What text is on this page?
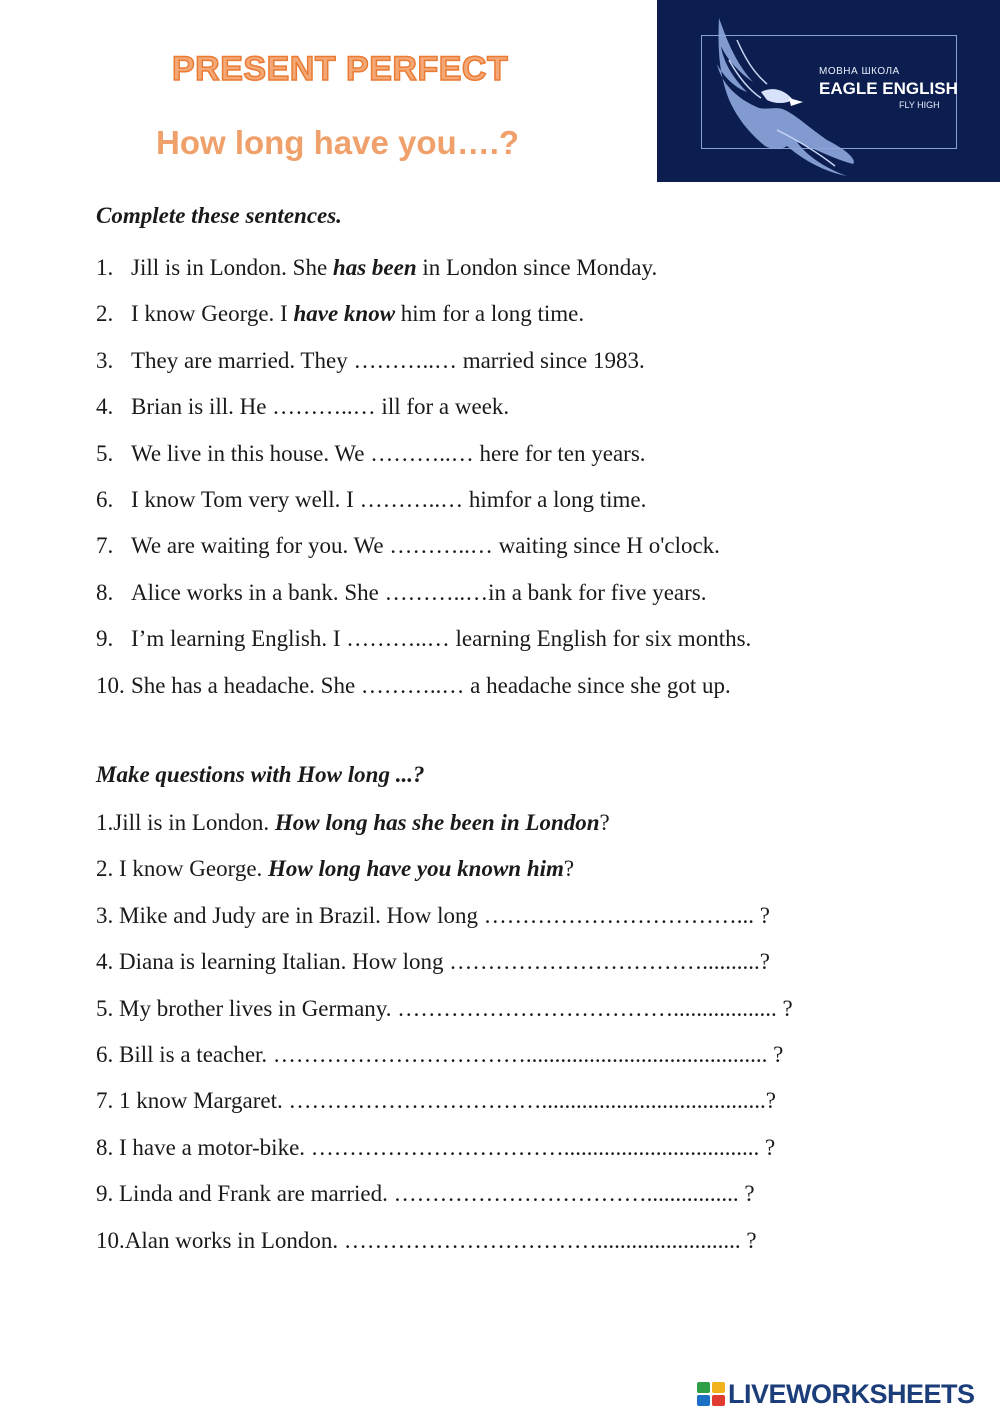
PRESENT PERFECT
How long have you….?
МОВНА ШКОЛА
EAGLE ENGLISH
FLY HIGH
Complete these sentences.
1. Jill is in London. She has been in London since Monday.
2. I know George. I have know him for a long time.
3. They are married. They ………..… married since 1983.
4. Brian is ill. He ………..… ill for a week.
5. We live in this house. We ………..… here for ten years.
6. I know Tom very well. I ………..… himfor a long time.
7. We are waiting for you. We ………..… waiting since H o'clock.
8. Alice works in a bank. She ………..…in a bank for five years.
9. I’m learning English. I ………..… learning English for six months.
10. She has a headache. She ………..… a headache since she got up.
Make questions with How long ...?
1. Jill is in London. How long has she been in London?
2.
I know George. How long have you known him?
3.
Mike and Judy are in Brazil. How long ……………………………... ?
4.
Diana is learning Italian. How long ……………………………..........?
5.
My brother lives in Germany. ……………………………….................. ?
6.
Bill is a teacher. …………………………….......................................... ?
7.
1 know Margaret. …………………………….......................................?
8.
I have a motor-bike. …………………………….................................. ?
9.
Linda and Frank are married. ……………………………................ ?
10. Alan works in London. ……………………………......................... ?
LIVEWORKSHEETS
